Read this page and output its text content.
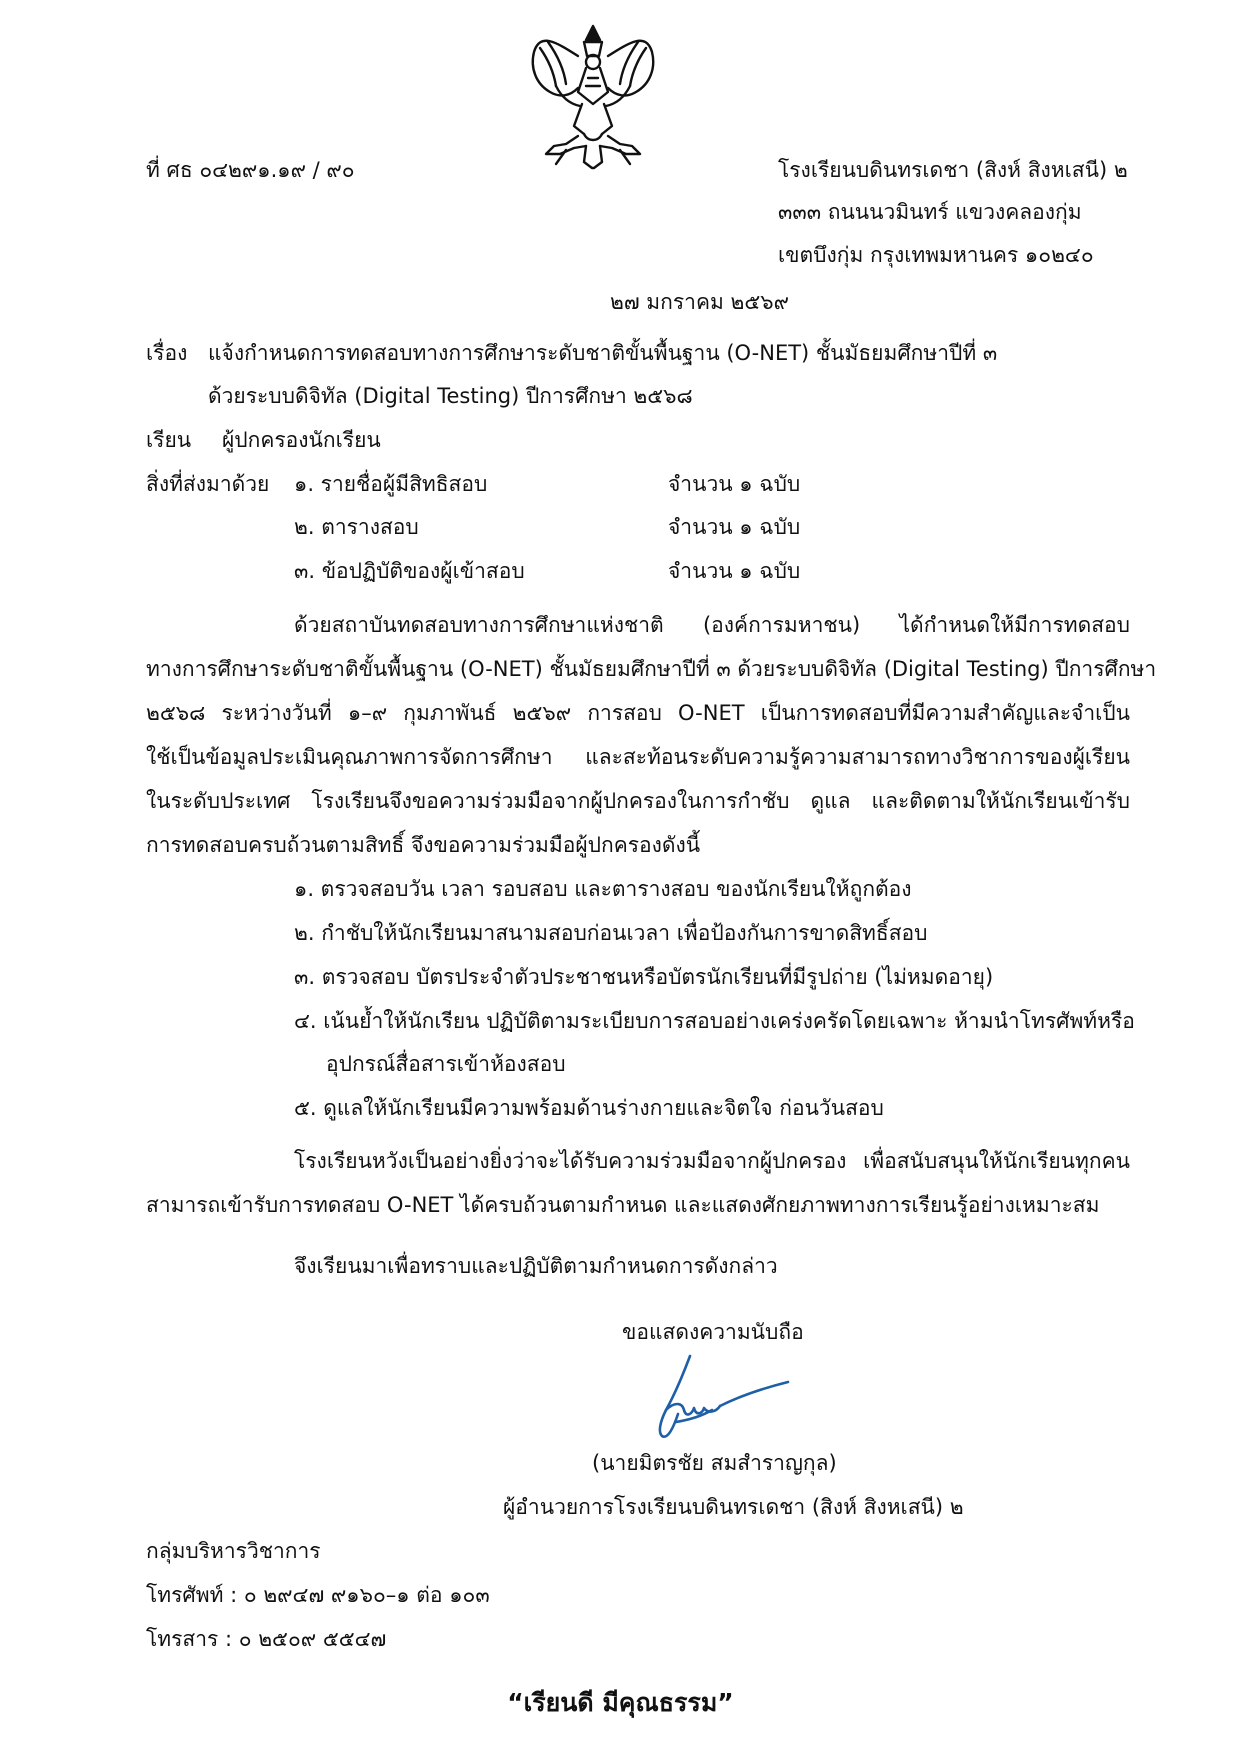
ที่ ศธ ๐๔๒๙๑.๑๙ / ๙๐	โรงเรียนบดินทรเดชา (สิงห์ สิงหเสนี) ๒
๓๓๓ ถนนนวมินทร์ แขวงคลองกุ่ม
เขตบึงกุ่ม กรุงเทพมหานคร ๑๐๒๔๐
๒๗ มกราคม ๒๕๖๙
เรื่อง แจ้งกำหนดการทดสอบทางการศึกษาระดับชาติขั้นพื้นฐาน (O-NET) ชั้นมัธยมศึกษาปีที่ ๓
ด้วยระบบดิจิทัล (Digital Testing) ปีการศึกษา ๒๕๖๘
เรียน ผู้ปกครองนักเรียน
สิ่งที่ส่งมาด้วย ๑. รายชื่อผู้มีสิทธิสอบ	จำนวน ๑ ฉบับ
๒. ตารางสอบ	จำนวน ๑ ฉบับ
๓. ข้อปฏิบัติของผู้เข้าสอบ	จำนวน ๑ ฉบับ
ด้วยสถาบันทดสอบทางการศึกษาแห่งชาติ (องค์การมหาชน) ได้กำหนดให้มีการทดสอบ
ทางการศึกษาระดับชาติขั้นพื้นฐาน (O-NET) ชั้นมัธยมศึกษาปีที่ ๓ ด้วยระบบดิจิทัล (Digital Testing) ปีการศึกษา
๒๕๖๘ ระหว่างวันที่ ๑–๙ กุมภาพันธ์ ๒๕๖๙ การสอบ O-NET เป็นการทดสอบที่มีความสำคัญและจำเป็น
ใช้เป็นข้อมูลประเมินคุณภาพการจัดการศึกษา และสะท้อนระดับความรู้ความสามารถทางวิชาการของผู้เรียน
ในระดับประเทศ โรงเรียนจึงขอความร่วมมือจากผู้ปกครองในการกำชับ ดูแล และติดตามให้นักเรียนเข้ารับ
การทดสอบครบถ้วนตามสิทธิ์ จึงขอความร่วมมือผู้ปกครองดังนี้
๑. ตรวจสอบวัน เวลา รอบสอบ และตารางสอบ ของนักเรียนให้ถูกต้อง
๒. กำชับให้นักเรียนมาสนามสอบก่อนเวลา เพื่อป้องกันการขาดสิทธิ์สอบ
๓. ตรวจสอบ บัตรประจำตัวประชาชนหรือบัตรนักเรียนที่มีรูปถ่าย (ไม่หมดอายุ)
๔. เน้นย้ำให้นักเรียน ปฏิบัติตามระเบียบการสอบอย่างเคร่งครัดโดยเฉพาะ ห้ามนำโทรศัพท์หรือ
อุปกรณ์สื่อสารเข้าห้องสอบ
๕. ดูแลให้นักเรียนมีความพร้อมด้านร่างกายและจิตใจ ก่อนวันสอบ
โรงเรียนหวังเป็นอย่างยิ่งว่าจะได้รับความร่วมมือจากผู้ปกครอง เพื่อสนับสนุนให้นักเรียนทุกคน
สามารถเข้ารับการทดสอบ O-NET ได้ครบถ้วนตามกำหนด และแสดงศักยภาพทางการเรียนรู้อย่างเหมาะสม
จึงเรียนมาเพื่อทราบและปฏิบัติตามกำหนดการดังกล่าว
ขอแสดงความนับถือ
(นายมิตรชัย สมสำราญกุล)
ผู้อำนวยการโรงเรียนบดินทรเดชา (สิงห์ สิงหเสนี) ๒
กลุ่มบริหารวิชาการ
โทรศัพท์ : ๐ ๒๙๔๗ ๙๑๖๐–๑ ต่อ ๑๐๓
โทรสาร : ๐ ๒๕๐๙ ๕๕๔๗
“เรียนดี มีคุณธรรม”
